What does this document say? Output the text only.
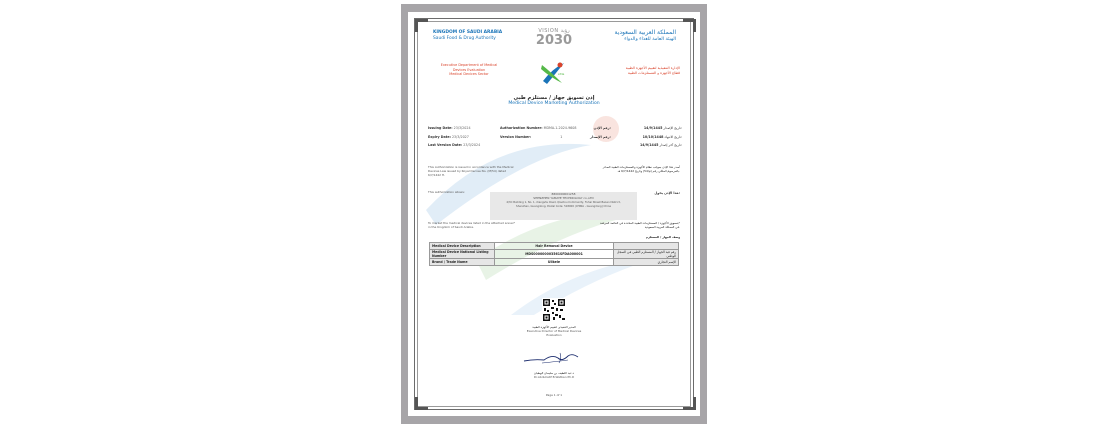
KINGDOM OF SAUDI ARABIA
Saudi Food & Drug Authority
VISION رؤية
2030
المملكة العربية السعودية
الهيئة العامة للغذاء والدواء
Executive Department of Medical
Devices Evaluation
Medical Devices Sector	sfda
الإدارة التنفيذية لتقييم الأجهزة الطبية
قطاع الأجهزة و المستلزمات الطبية
إذن تسويق جهاز / مستلزم طبي
Medical Device Marketing Authorization
Issuing Date: 23/3/2024
Expiry Date: 23/3/2027
Last Version Date: 23/3/2024
Authorization Number: MDMA-1-2024-9608
Version Number:	1
رقم الإذن:
رقم الإصدار:
14/9/1445 تاريخ الإصدار:
10/10/1448 تاريخ الانتهاء:
14/9/1445 تاريخ آخر إصدار:
This Authorization is issued in accordance with the Medical
Devices Law issued by Royal Decree No. (M/54) dated
6/7/1442 H.
أصدر هذا الإذن بموجب نظام الأجهزة والمستلزمات الطبية الصادر
بالمرسوم الملكي رقم (م/54) وتاريخ 6/7/1442 هـ.
This authorization allows:	هذا الإذن يخول:
8800000001258
SHENZHEN YAMATE TECHNOLOGY co.,LTD
4/3C Building 1, No. 1, Xiangshu Road, Qiaotou Community, Fuhai Street Baoan District,
Shenzhen, Guangdong, Postal Code: 518000 (CHINA - Guangdong) China
To market the medical devices listed in the attached annex*
in the Kingdom of Saudi Arabia.
بتسويق الأجهزة / المستلزمات الطبية المحددة في القائمة المرفقة*
في المملكة العربية السعودية.
وصف الجهاز / المستلزم
Medical Device Description	Hair Removal Device	
Medical Device National Listing Number	MDS000000003561SFDA000001	رقم قيد الجهاز / المستلزم الطبي في السجل الوطني
Brand / Trade Name	Ulikeie	الإسم التجاري
المدير التنفيذي لتقييم الأجهزة الطبية
Executive Director of Medical Devices
Evaluation
د.عبد اللطيف بن سليمان الوطبان
Dr.Abdullatif B.Watban Ph.D
Page 1 of 1
